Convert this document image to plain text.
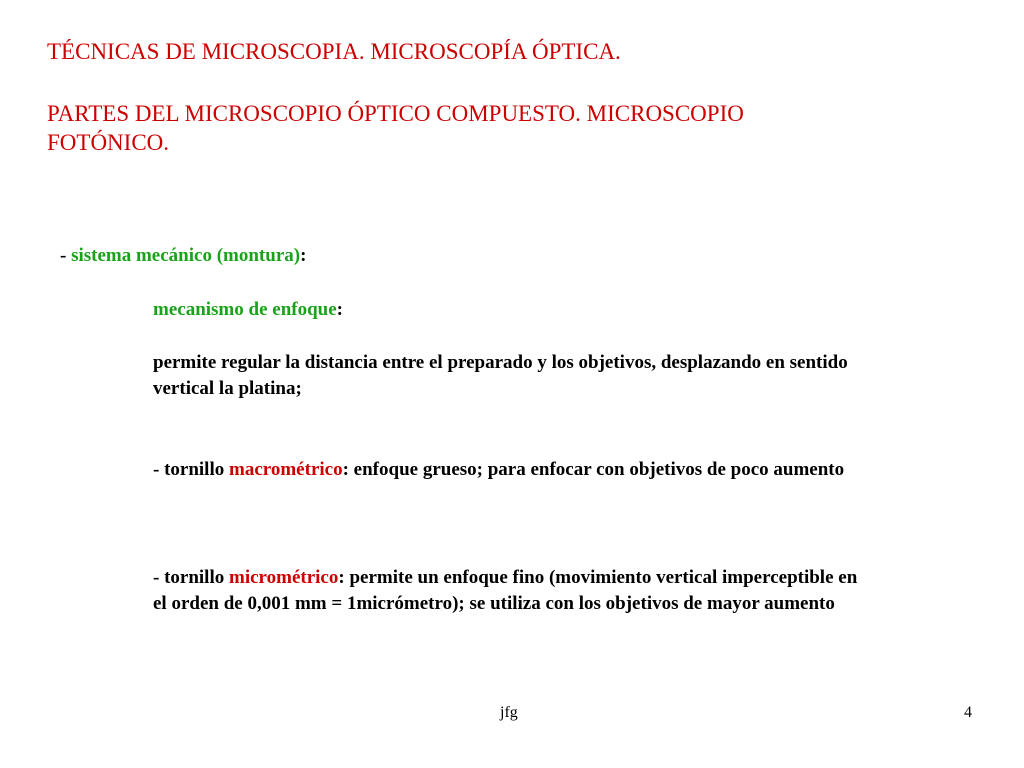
TÉCNICAS DE MICROSCOPIA. MICROSCOPÍA ÓPTICA.
PARTES DEL MICROSCOPIO ÓPTICO COMPUESTO. MICROSCOPIO FOTÓNICO.

- sistema mecánico (montura):

mecanismo de enfoque:

permite regular la distancia entre el preparado y los objetivos, desplazando en sentido vertical la platina;

- tornillo macrométrico: enfoque grueso; para enfocar con objetivos de poco aumento

- tornillo micrométrico: permite un enfoque fino (movimiento vertical imperceptible en el orden de 0,001 mm = 1micrómetro); se utiliza con los objetivos de mayor aumento

jfg	4
